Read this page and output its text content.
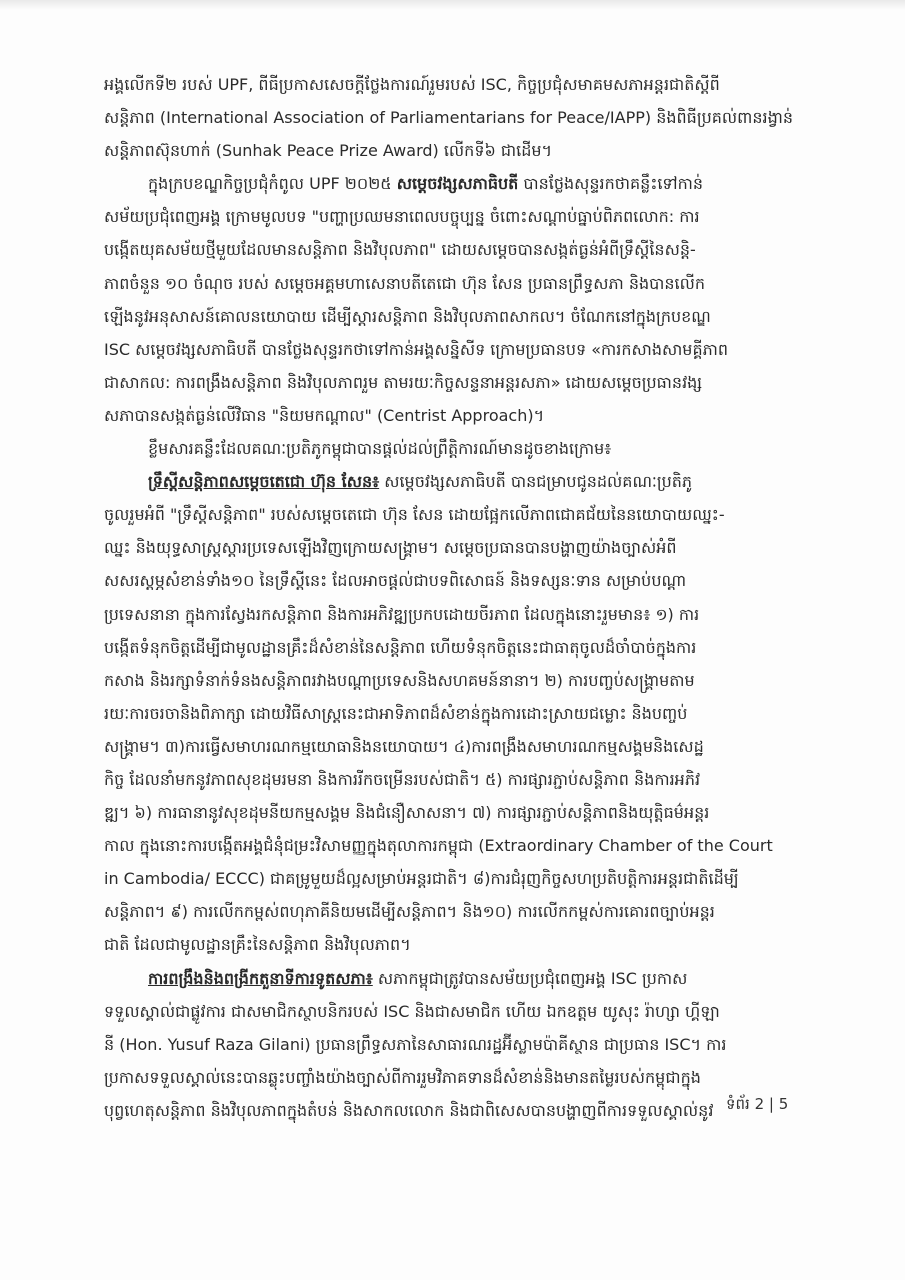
អង្គលើកទី២ របស់ UPF, ពីធីប្រកាសសេចក្តីថ្លែងការណ៍រួមរបស់ ISC, កិច្ចប្រជុំសមាគមសភាអន្តរជាតិស្តីពី
សន្តិភាព (International Association of Parliamentarians for Peace/IAPP) និងពិធីប្រគល់ពានរង្វាន់
សន្តិភាពស៊ុនហាក់ (Sunhak Peace Prize Award) លើកទី៦ ជាដើម។
ក្នុងក្របខណ្ឌកិច្ចប្រជុំកំពូល UPF ២០២៥ សម្តេចវង្សសភាធិបតី បានថ្លែងសុន្ទរកថាគន្លឹះទៅកាន់
សម័យប្រជុំពេញអង្គ ក្រោមមូលបទ "បញ្ហាប្រឈមនាពេលបច្ចុប្បន្ន ចំពោះសណ្តាប់ធ្នាប់ពិភពលោក: ការ
បង្កើតយុគសម័យថ្មីមួយដែលមានសន្តិភាព និងវិបុលភាព" ដោយសម្តេចបានសង្កត់ធ្ងន់អំពីទ្រឹស្តីនៃសន្តិ-
ភាពចំនួន ១០ ចំណុច របស់ សម្តេចអគ្គមហាសេនាបតីតេជោ ហ៊ុន សែន ប្រធានព្រឹទ្ធសភា និងបានលើក
ឡើងនូវអនុសាសន៍គោលនយោបាយ ដើម្បីស្តារសន្តិភាព និងវិបុលភាពសាកល។ ចំណែកនៅក្នុងក្របខណ្ឌ
ISC សម្តេចវង្សសភាធិបតី បានថ្លែងសុន្ទរកថាទៅកាន់អង្គសន្និសីទ ក្រោមប្រធានបទ «ការកសាងសាមគ្គីភាព
ជាសាកល: ការពង្រឹងសន្តិភាព និងវិបុលភាពរួម តាមរយៈកិច្ចសន្ទនាអន្តរសភា» ដោយសម្តេចប្រធានវង្ស
សភាបានសង្កត់ធ្ងន់លើវិធាន "និយមកណ្តាល" (Centrist Approach)។
ខ្លឹមសារគន្លឹះដែលគណៈប្រតិភូកម្ពុជាបានផ្តល់ដល់ព្រឹត្តិការណ៍មានដូចខាងក្រោម៖
ទ្រឹស្តីសន្តិភាពសម្តេចតេជោ ហ៊ុន សែន៖ សម្តេចវង្សសភាធិបតី បានជម្រាបជូនដល់គណៈប្រតិភូ
ចូលរួមអំពី "ទ្រឹស្តីសន្តិភាព" របស់សម្តេចតេជោ ហ៊ុន សែន ដោយផ្អែកលើភាពជោគជ័យនៃនយោបាយឈ្នះ-
ឈ្នះ និងយុទ្ធសាស្ត្រស្តារប្រទេសឡើងវិញក្រោយសង្គ្រាម។ សម្តេចប្រធានបានបង្ហាញយ៉ាងច្បាស់អំពី
សសរស្តម្ភសំខាន់ទាំង១០ នៃទ្រឹស្តីនេះ ដែលអាចផ្តល់ជាបទពិសោធន៍ និងទស្សនៈទាន សម្រាប់បណ្តា
ប្រទេសនានា ក្នុងការស្វែងរកសន្តិភាព និងការអភិវឌ្ឍប្រកបដោយចីរភាព ដែលក្នុងនោះរួមមាន៖ ១) ការ
បង្កើតទំនុកចិត្តដើម្បីជាមូលដ្ឋានគ្រឹះដ៏សំខាន់នៃសន្តិភាព ហើយទំនុកចិត្តនេះជាធាតុចូលដ៏ចាំបាច់ក្នុងការ
កសាង និងរក្សាទំនាក់ទំនងសន្តិភាពរវាងបណ្តាប្រទេសនិងសហគមន៍នានា។ ២) ការបញ្ចប់សង្គ្រាមតាម
រយៈការចរចានិងពិភាក្សា ដោយវិធីសាស្ត្រនេះជាអាទិភាពដ៏សំខាន់ក្នុងការដោះស្រាយជម្លោះ និងបញ្ចប់
សង្គ្រាម។ ៣)ការធ្វើសមាហរណកម្មយោធានិងនយោបាយ។ ៤)ការពង្រឹងសមាហរណកម្មសង្គមនិងសេដ្ឋ
កិច្ច ដែលនាំមកនូវភាពសុខដុមរមនា និងការរីកចម្រើនរបស់ជាតិ។ ៥) ការផ្សារភ្ជាប់សន្តិភាព និងការអភិវ
ឌ្ឍ។ ៦) ការធានានូវសុខដុមនីយកម្មសង្គម និងជំនឿសាសនា។ ៧) ការផ្សារភ្ជាប់សន្តិភាពនិងយុត្តិធម៌អន្តរ
កាល ក្នុងនោះការបង្កើតអង្គជំនុំជម្រះវិសាមញ្ញក្នុងតុលាការកម្ពុជា (Extraordinary Chamber of the Court
in Cambodia/ ECCC) ជាគម្រូមួយដ៏ល្អសម្រាប់អន្តរជាតិ។ ៨)ការជំរុញកិច្ចសហប្រតិបត្តិការអន្តរជាតិដើម្បី
សន្តិភាព។ ៩) ការលើកកម្ពស់ពហុភាគីនិយមដើម្បីសន្តិភាព។ និង១០) ការលើកកម្ពស់ការគោរពច្បាប់អន្តរ
ជាតិ ដែលជាមូលដ្ឋានគ្រឹះនៃសន្តិភាព និងវិបុលភាព។
ការពង្រឹងនិងពង្រីកតួនាទីការទូតសភា៖ សភាកម្ពុជាត្រូវបានសម័យប្រជុំពេញអង្គ ISC ប្រកាស
ទទួលស្គាល់ជាផ្លូវការ ជាសមាជិកស្ថាបនិករបស់ ISC និងជាសមាជិក ហើយ ឯកឧត្តម យូសុះ រ៉ាហ្សា ហ្គីឡា
នី (Hon. Yusuf Raza Gilani) ប្រធានព្រឹទ្ធសភានៃសាធារណរដ្ឋអ៊ីស្លាមប៉ាគីស្ថាន ជាប្រធាន ISC។ ការ
ប្រកាសទទួលស្គាល់នេះបានឆ្លុះបញ្ចាំងយ៉ាងច្បាស់ពីការរួមវិភាគទានដ៏សំខាន់និងមានតម្លៃរបស់កម្ពុជាក្នុង
បុព្វហេតុសន្តិភាព និងវិបុលភាពក្នុងតំបន់ និងសាកលលោក និងជាពិសេសបានបង្ហាញពីការទទួលស្គាល់នូវ ទំព័រ 2 | 5
